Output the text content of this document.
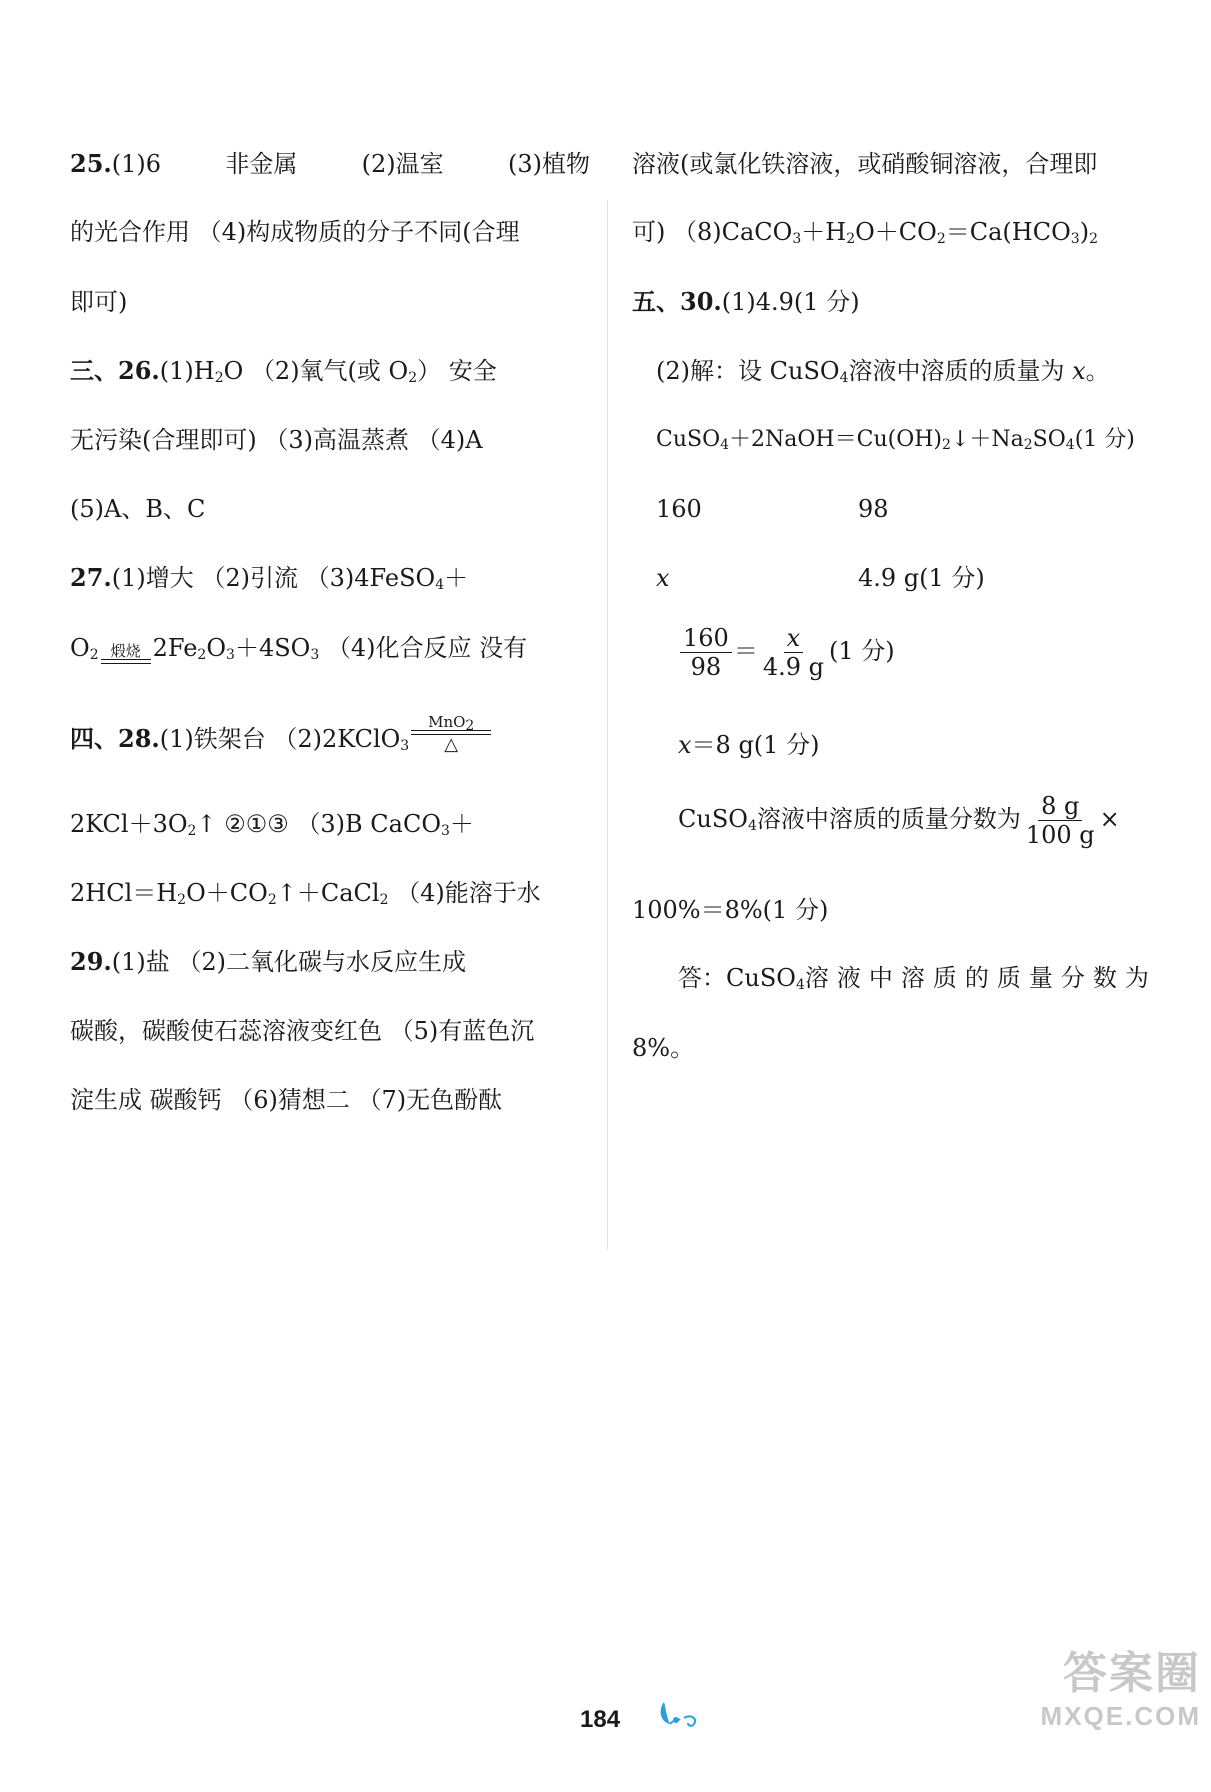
25.(1)6	非金属	(2)温室	(3)植物
的光合作用 （4)构成物质的分子不同(合理
即可)
三、$26.(1)H_2O$ （2)氧气(或 $O_2$） 安全
无污染(合理即可) （3)高温蒸煮 （4)A
(5)A、B、C
27.(1)增大 （2)引流 （3)4FeSO$_4$＋
$O_2$ 煅烧 $2Fe_2O_3+4SO_3$ （4)化合反应 没有
四、28.(1)铁架台 （2)2KClO$_3$
MnO$_2$
△
$2KCl+3O_2↑$ ②①③ （3)B CaCO$_3$＋
$2HCl=H_2O+CO_2↑+CaCl_2$ （4)能溶于水
29.(1)盐 （2)二氧化碳与水反应生成
碳酸，碳酸使石蕊溶液变红色 （5)有蓝色沉
淀生成 碳酸钙 （6)猜想二 （7)无色酚酞
溶液(或氯化铁溶液，或硝酸铜溶液，合理即
可) $(8)CaCO_3+H_2O+CO_2=Ca(HCO_3)_2$
五、30.(1)4.9(1 分)
(2)解：设 CuSO$_4$溶液中溶质的质量为 x。
$CuSO_4+2NaOH=Cu(OH)_2↓+Na_2SO_4(1$ 分)
160	98
x	4.9 g(1 分)
$\frac{160}{98} = \frac{x}{4.9 g} (1$ 分)
x＝8 g(1 分)
CuSO$_4$溶液中溶质的质量分数为 $\frac{8 g}{100 g}$ ×
100%＝8%(1 分)
答：CuSO$_4$ 溶液中溶质的质量分数为
8%。
184
答案圈
MXQE.COM
